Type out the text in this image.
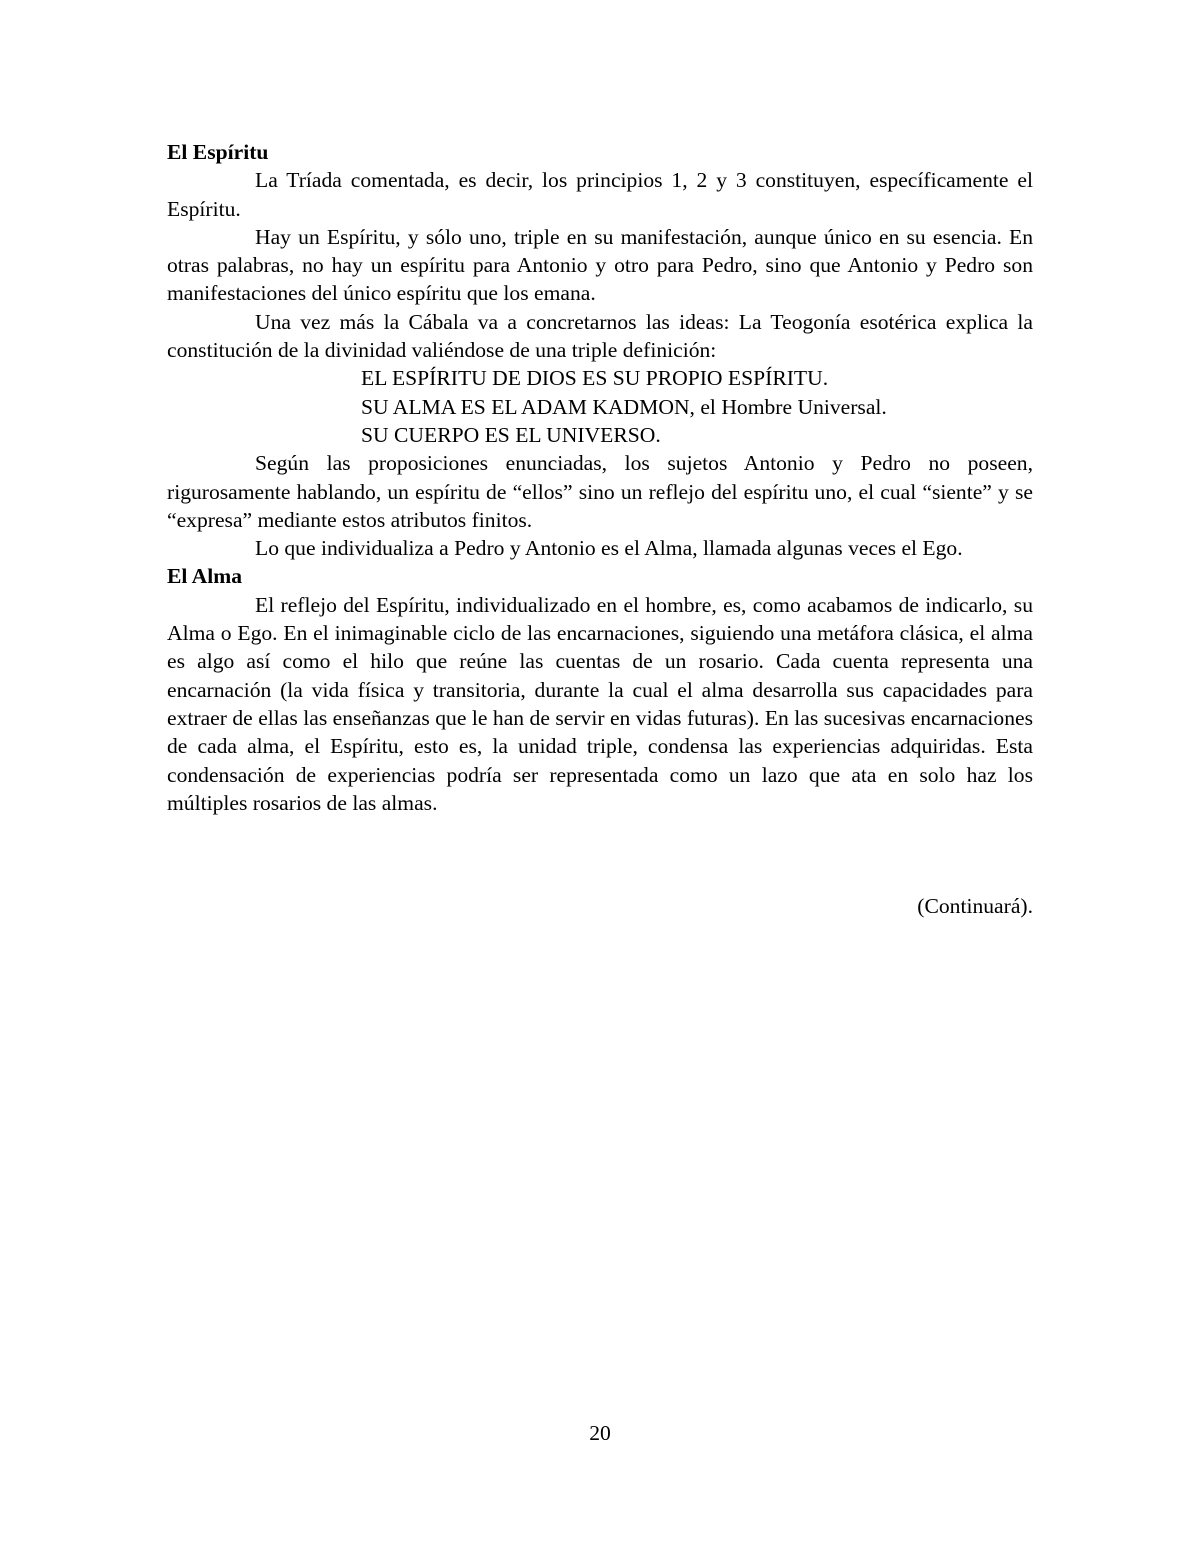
El Espíritu

La Tríada comentada, es decir, los principios 1, 2 y 3 constituyen, específicamente el Espíritu.

Hay un Espíritu, y sólo uno, triple en su manifestación, aunque único en su esencia. En otras palabras, no hay un espíritu para Antonio y otro para Pedro, sino que Antonio y Pedro son manifestaciones del único espíritu que los emana.

Una vez más la Cábala va a concretarnos las ideas: La Teogonía esotérica explica la constitución de la divinidad valiéndose de una triple definición:

EL ESPÍRITU DE DIOS ES SU PROPIO ESPÍRITU.

SU ALMA ES EL ADAM KADMON, el Hombre Universal.

SU CUERPO ES EL UNIVERSO.

Según las proposiciones enunciadas, los sujetos Antonio y Pedro no poseen, rigurosamente hablando, un espíritu de “ellos” sino un reflejo del espíritu uno, el cual “siente” y se “expresa” mediante estos atributos finitos.

Lo que individualiza a Pedro y Antonio es el Alma, llamada algunas veces el Ego.

El Alma

El reflejo del Espíritu, individualizado en el hombre, es, como acabamos de indicarlo, su Alma o Ego. En el inimaginable ciclo de las encarnaciones, siguiendo una metáfora clásica, el alma es algo así como el hilo que reúne las cuentas de un rosario. Cada cuenta representa una encarnación (la vida física y transitoria, durante la cual el alma desarrolla sus capacidades para extraer de ellas las enseñanzas que le han de servir en vidas futuras). En las sucesivas encarnaciones de cada alma, el Espíritu, esto es, la unidad triple, condensa las experiencias adquiridas. Esta condensación de experiencias podría ser representada como un lazo que ata en solo haz los múltiples rosarios de las almas.

(Continuará).

20
